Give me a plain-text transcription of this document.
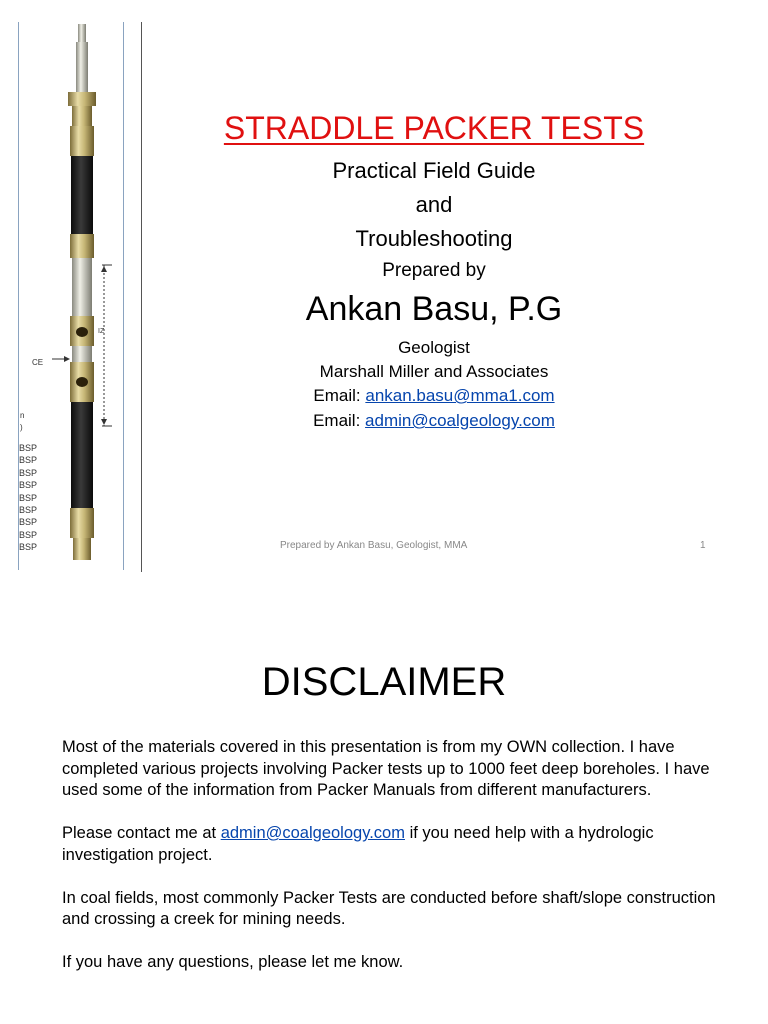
CE
IZ
n
)
BSP
BSP
BSP
BSP
BSP
BSP
BSP
BSP
BSP
STRADDLE PACKER TESTS
Practical Field Guide
and
Troubleshooting
Prepared by
Ankan Basu, P.G
Geologist
Marshall Miller and Associates
Email: ankan.basu@mma1.com
Email: admin@coalgeology.com
Prepared by Ankan Basu, Geologist, MMA	1
DISCLAIMER

Most of the materials covered in this presentation is from my OWN collection. I have completed various projects involving Packer tests up to 1000 feet deep boreholes. I have used some of the information from Packer Manuals from different manufacturers.

Please contact me at admin@coalgeology.com if you need help with a hydrologic
investigation project.

In coal fields, most commonly Packer Tests are conducted before shaft/slope construction and crossing a creek for mining needs.

If you have any questions, please let me know.
